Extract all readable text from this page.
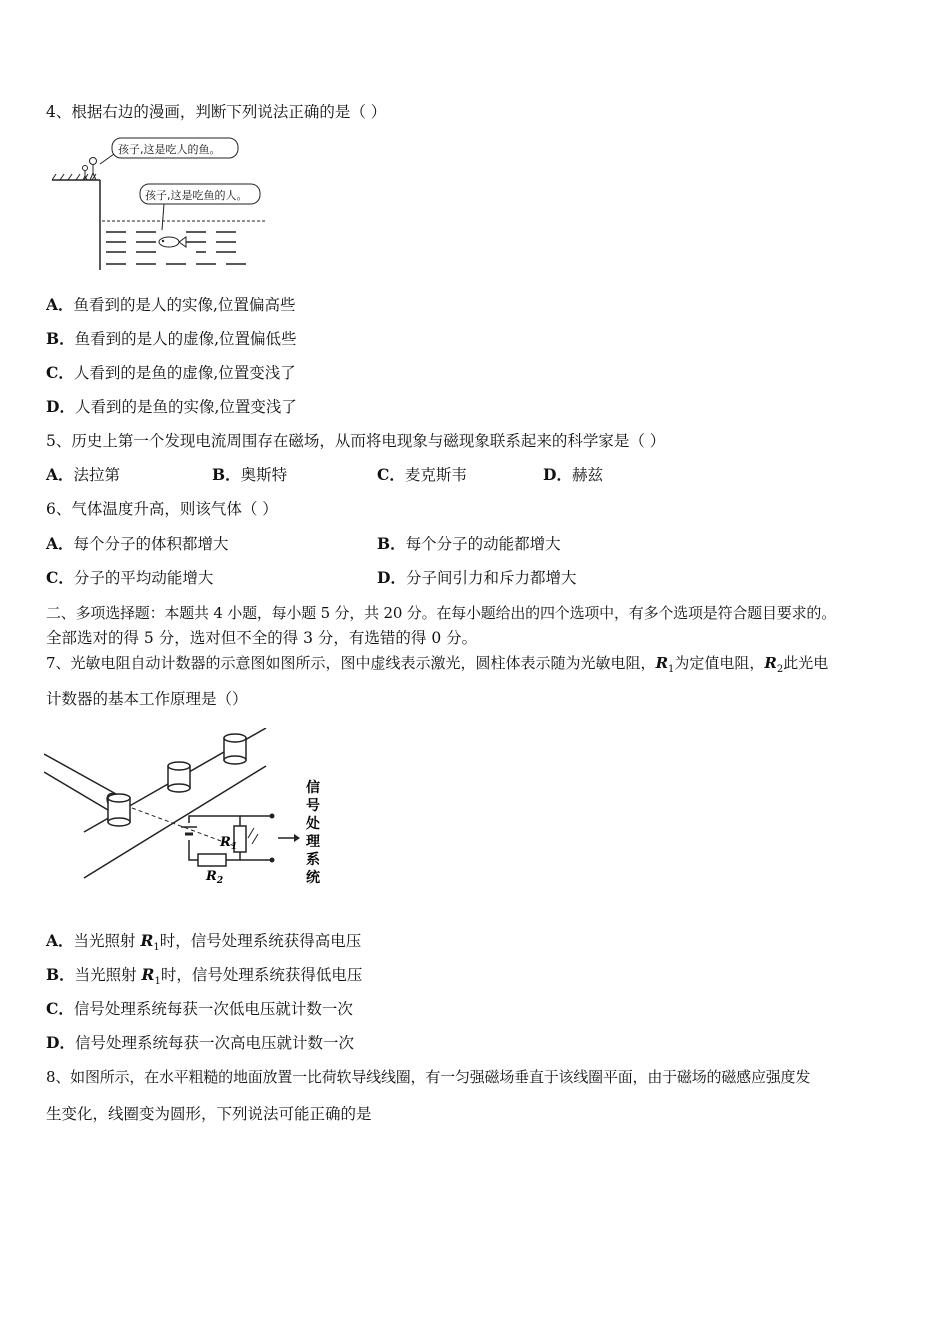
4、根据右边的漫画，判断下列说法正确的是（ ）
孩子,这是吃人的鱼。
孩子,这是吃鱼的人。
A．鱼看到的是人的实像,位置偏高些
B．鱼看到的是人的虚像,位置偏低些
C．人看到的是鱼的虚像,位置变浅了
D．人看到的是鱼的实像,位置变浅了
5、历史上第一个发现电流周围存在磁场，从而将电现象与磁现象联系起来的科学家是（ ）
A．法拉第	B．奥斯特	C．麦克斯韦	D．赫兹
6、气体温度升高，则该气体（ ）
A．每个分子的体积都增大	B．每个分子的动能都增大
C．分子的平均动能增大	D．分子间引力和斥力都增大
二、多项选择题：本题共 4 小题，每小题 5 分，共 20 分。在每小题给出的四个选项中，有多个选项是符合题目要求的。
全部选对的得 5 分，选对但不全的得 3 分，有选错的得 0 分。
7、光敏电阻自动计数器的示意图如图所示，图中虚线表示激光，圆柱体表示随为光敏电阻，$R_1$为定值电阻，$R_2$此光电
计数器的基本工作原理是（）
$R_1$
$R_2$
信
号
处
理
系
统
A．当光照射 $R_1$时，信号处理系统获得高电压
B．当光照射 $R_1$时，信号处理系统获得低电压
C．信号处理系统每获一次低电压就计数一次
D．信号处理系统每获一次高电压就计数一次
8、如图所示，在水平粗糙的地面放置一比荷软导线线圈，有一匀强磁场垂直于该线圈平面，由于磁场的磁感应强度发
生变化，线圈变为圆形，下列说法可能正确的是
